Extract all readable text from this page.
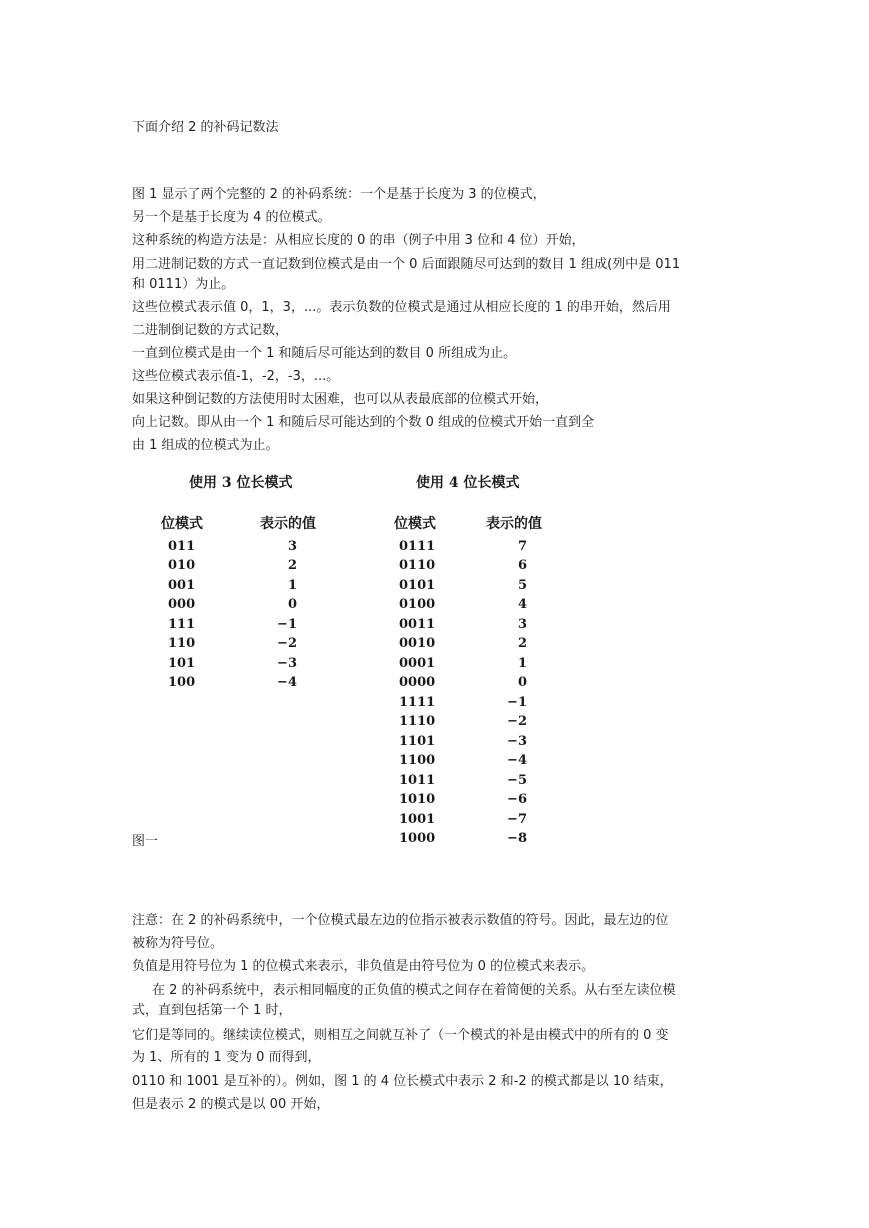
下面介绍 2 的补码记数法
图 1 显示了两个完整的 2 的补码系统：一个是基于长度为 3 的位模式，
另一个是基于长度为 4 的位模式。
这种系统的构造方法是：从相应长度的 0 的串（例子中用 3 位和 4 位）开始，
用二进制记数的方式一直记数到位模式是由一个 0 后面跟随尽可达到的数目 1 组成(列中是 011
和 0111）为止。
这些位模式表示值 0，1，3，...。表示负数的位模式是通过从相应长度的 1 的串开始，然后用
二进制倒记数的方式记数，
一直到位模式是由一个 1 和随后尽可能达到的数目 0 所组成为止。
这些位模式表示值-1，-2，-3，...。
如果这种倒记数的方法使用时太困难，也可以从表最底部的位模式开始，
向上记数。即从由一个 1 和随后尽可能达到的个数 0 组成的位模式开始一直到全
由 1 组成的位模式为止。
使用 3 位长模式
位模式	表示的值
011	3
010	2
001	1
000	0
111	−1
110	−2
101	−3
100	−4
使用 4 位长模式
位模式	表示的值
0111	7
0110	6
0101	5
0100	4
0011	3
0010	2
0001	1
0000	0
1111	−1
1110	−2
1101	−3
1100	−4
1011	−5
1010	−6
1001	−7
1000	−8
图一
注意：在 2 的补码系统中，一个位模式最左边的位指示被表示数值的符号。因此，最左边的位
被称为符号位。
负值是用符号位为 1 的位模式来表示，非负值是由符号位为 0 的位模式来表示。
在 2 的补码系统中，表示相同幅度的正负值的模式之间存在着简便的关系。从右至左读位模
式，直到包括第一个 1 时，
它们是等同的。继续读位模式，则相互之间就互补了（一个模式的补是由模式中的所有的 0 变
为 1、所有的 1 变为 0 而得到，
0110 和 1001 是互补的）。例如，图 1 的 4 位长模式中表示 2 和-2 的模式都是以 10 结束，
但是表示 2 的模式是以 00 开始，
